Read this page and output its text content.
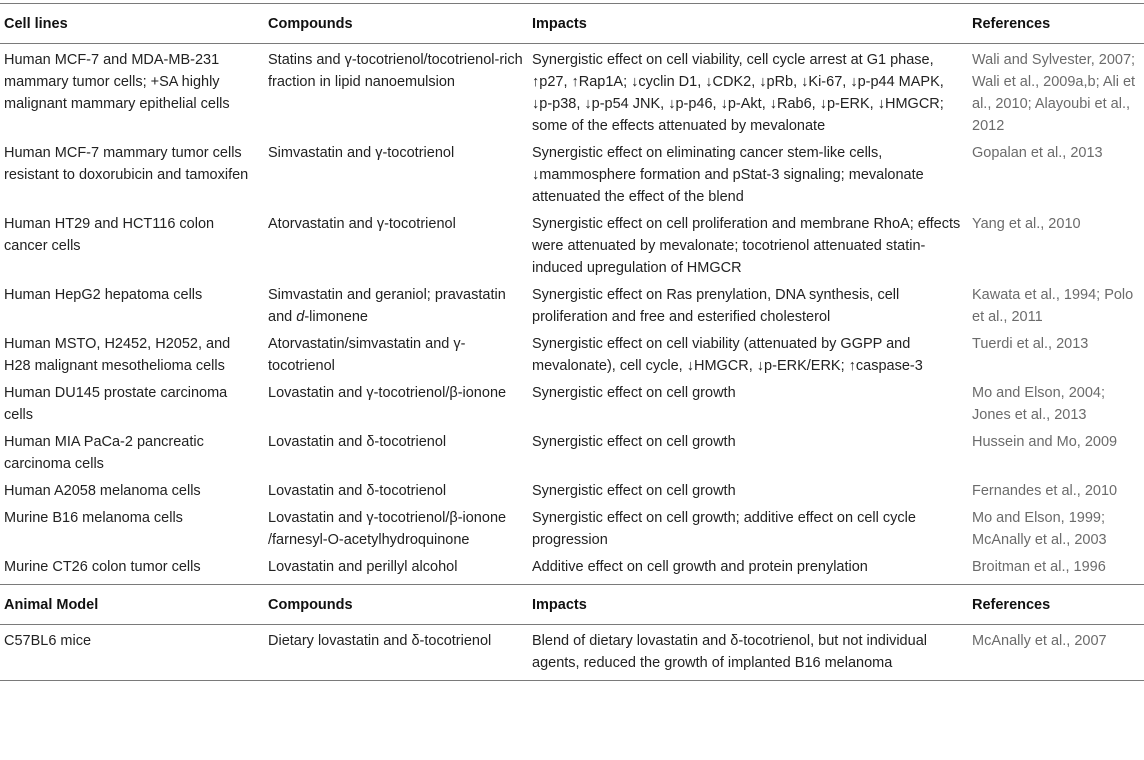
Cell lines	Compounds	Impacts	References
Human MCF-7 and MDA-MB-231 mammary tumor cells; +SA highly malignant mammary epithelial cells	Statins and γ-tocotrienol/tocotrienol-rich fraction in lipid nanoemulsion	Synergistic effect on cell viability, cell cycle arrest at G1 phase, ↑p27, ↑Rap1A; ↓cyclin D1, ↓CDK2, ↓pRb, ↓Ki-67, ↓p-p44 MAPK, ↓p-p38, ↓p-p54 JNK, ↓p-p46, ↓p-Akt, ↓Rab6, ↓p-ERK, ↓HMGCR; some of the effects attenuated by mevalonate	Wali and Sylvester, 2007; Wali et al., 2009a,b; Ali et al., 2010; Alayoubi et al., 2012
Human MCF-7 mammary tumor cells resistant to doxorubicin and tamoxifen	Simvastatin and γ-tocotrienol	Synergistic effect on eliminating cancer stem-like cells, ↓mammosphere formation and pStat-3 signaling; mevalonate attenuated the effect of the blend	Gopalan et al., 2013
Human HT29 and HCT116 colon cancer cells	Atorvastatin and γ-tocotrienol	Synergistic effect on cell proliferation and membrane RhoA; effects were attenuated by mevalonate; tocotrienol attenuated statin-induced upregulation of HMGCR	Yang et al., 2010
Human HepG2 hepatoma cells	Simvastatin and geraniol; pravastatin and d-limonene	Synergistic effect on Ras prenylation, DNA synthesis, cell proliferation and free and esterified cholesterol	Kawata et al., 1994; Polo et al., 2011
Human MSTO, H2452, H2052, and H28 malignant mesothelioma cells	Atorvastatin/simvastatin and γ-tocotrienol	Synergistic effect on cell viability (attenuated by GGPP and mevalonate), cell cycle, ↓HMGCR, ↓p-ERK/ERK; ↑caspase-3	Tuerdi et al., 2013
Human DU145 prostate carcinoma cells	Lovastatin and γ-tocotrienol/β-ionone	Synergistic effect on cell growth	Mo and Elson, 2004; Jones et al., 2013
Human MIA PaCa-2 pancreatic carcinoma cells	Lovastatin and δ-tocotrienol	Synergistic effect on cell growth	Hussein and Mo, 2009
Human A2058 melanoma cells	Lovastatin and δ-tocotrienol	Synergistic effect on cell growth	Fernandes et al., 2010
Murine B16 melanoma cells	Lovastatin and γ-tocotrienol/β-ionone /farnesyl-O-acetylhydroquinone	Synergistic effect on cell growth; additive effect on cell cycle progression	Mo and Elson, 1999; McAnally et al., 2003
Murine CT26 colon tumor cells	Lovastatin and perillyl alcohol	Additive effect on cell growth and protein prenylation	Broitman et al., 1996
Animal Model	Compounds	Impacts	References
C57BL6 mice	Dietary lovastatin and δ-tocotrienol	Blend of dietary lovastatin and δ-tocotrienol, but not individual agents, reduced the growth of implanted B16 melanoma	McAnally et al., 2007
